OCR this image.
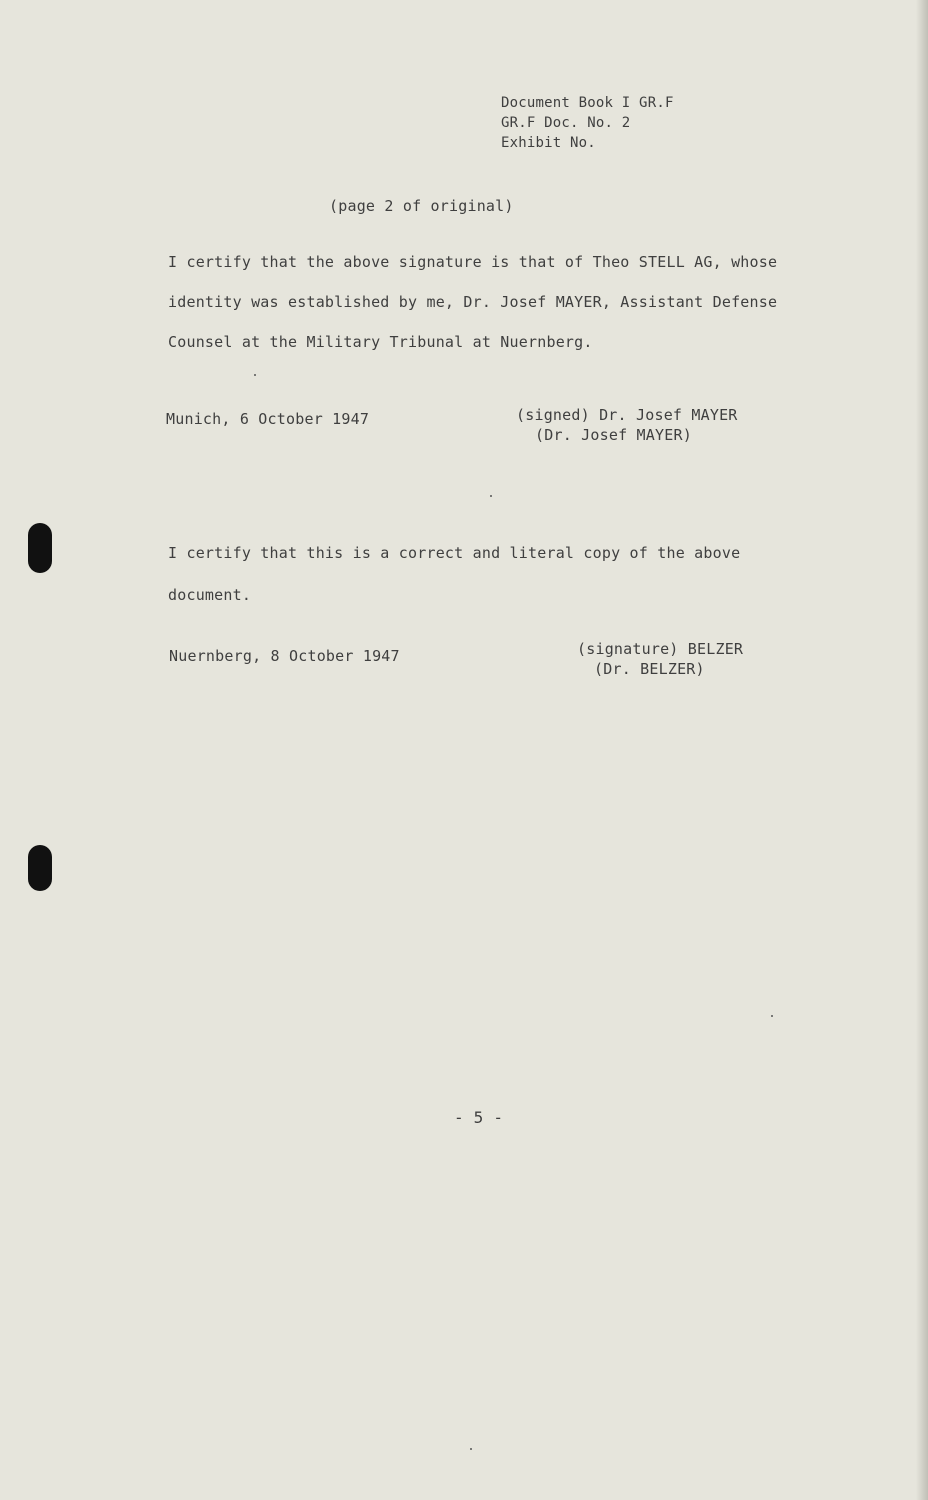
Document Book I GR.F
GR.F Doc. No. 2
Exhibit No.
(page 2 of original)
I certify that the above signature is that of Theo STELL AG, whose
identity was established by me, Dr. Josef MAYER, Assistant Defense
Counsel at the Military Tribunal at Nuernberg.
Munich, 6 October 1947	(signed) Dr. Josef MAYER
(Dr. Josef MAYER)
I certify that this is a correct and literal copy of the above
document.
Nuernberg, 8 October 1947	(signature) BELZER
(Dr. BELZER)
- 5 -
